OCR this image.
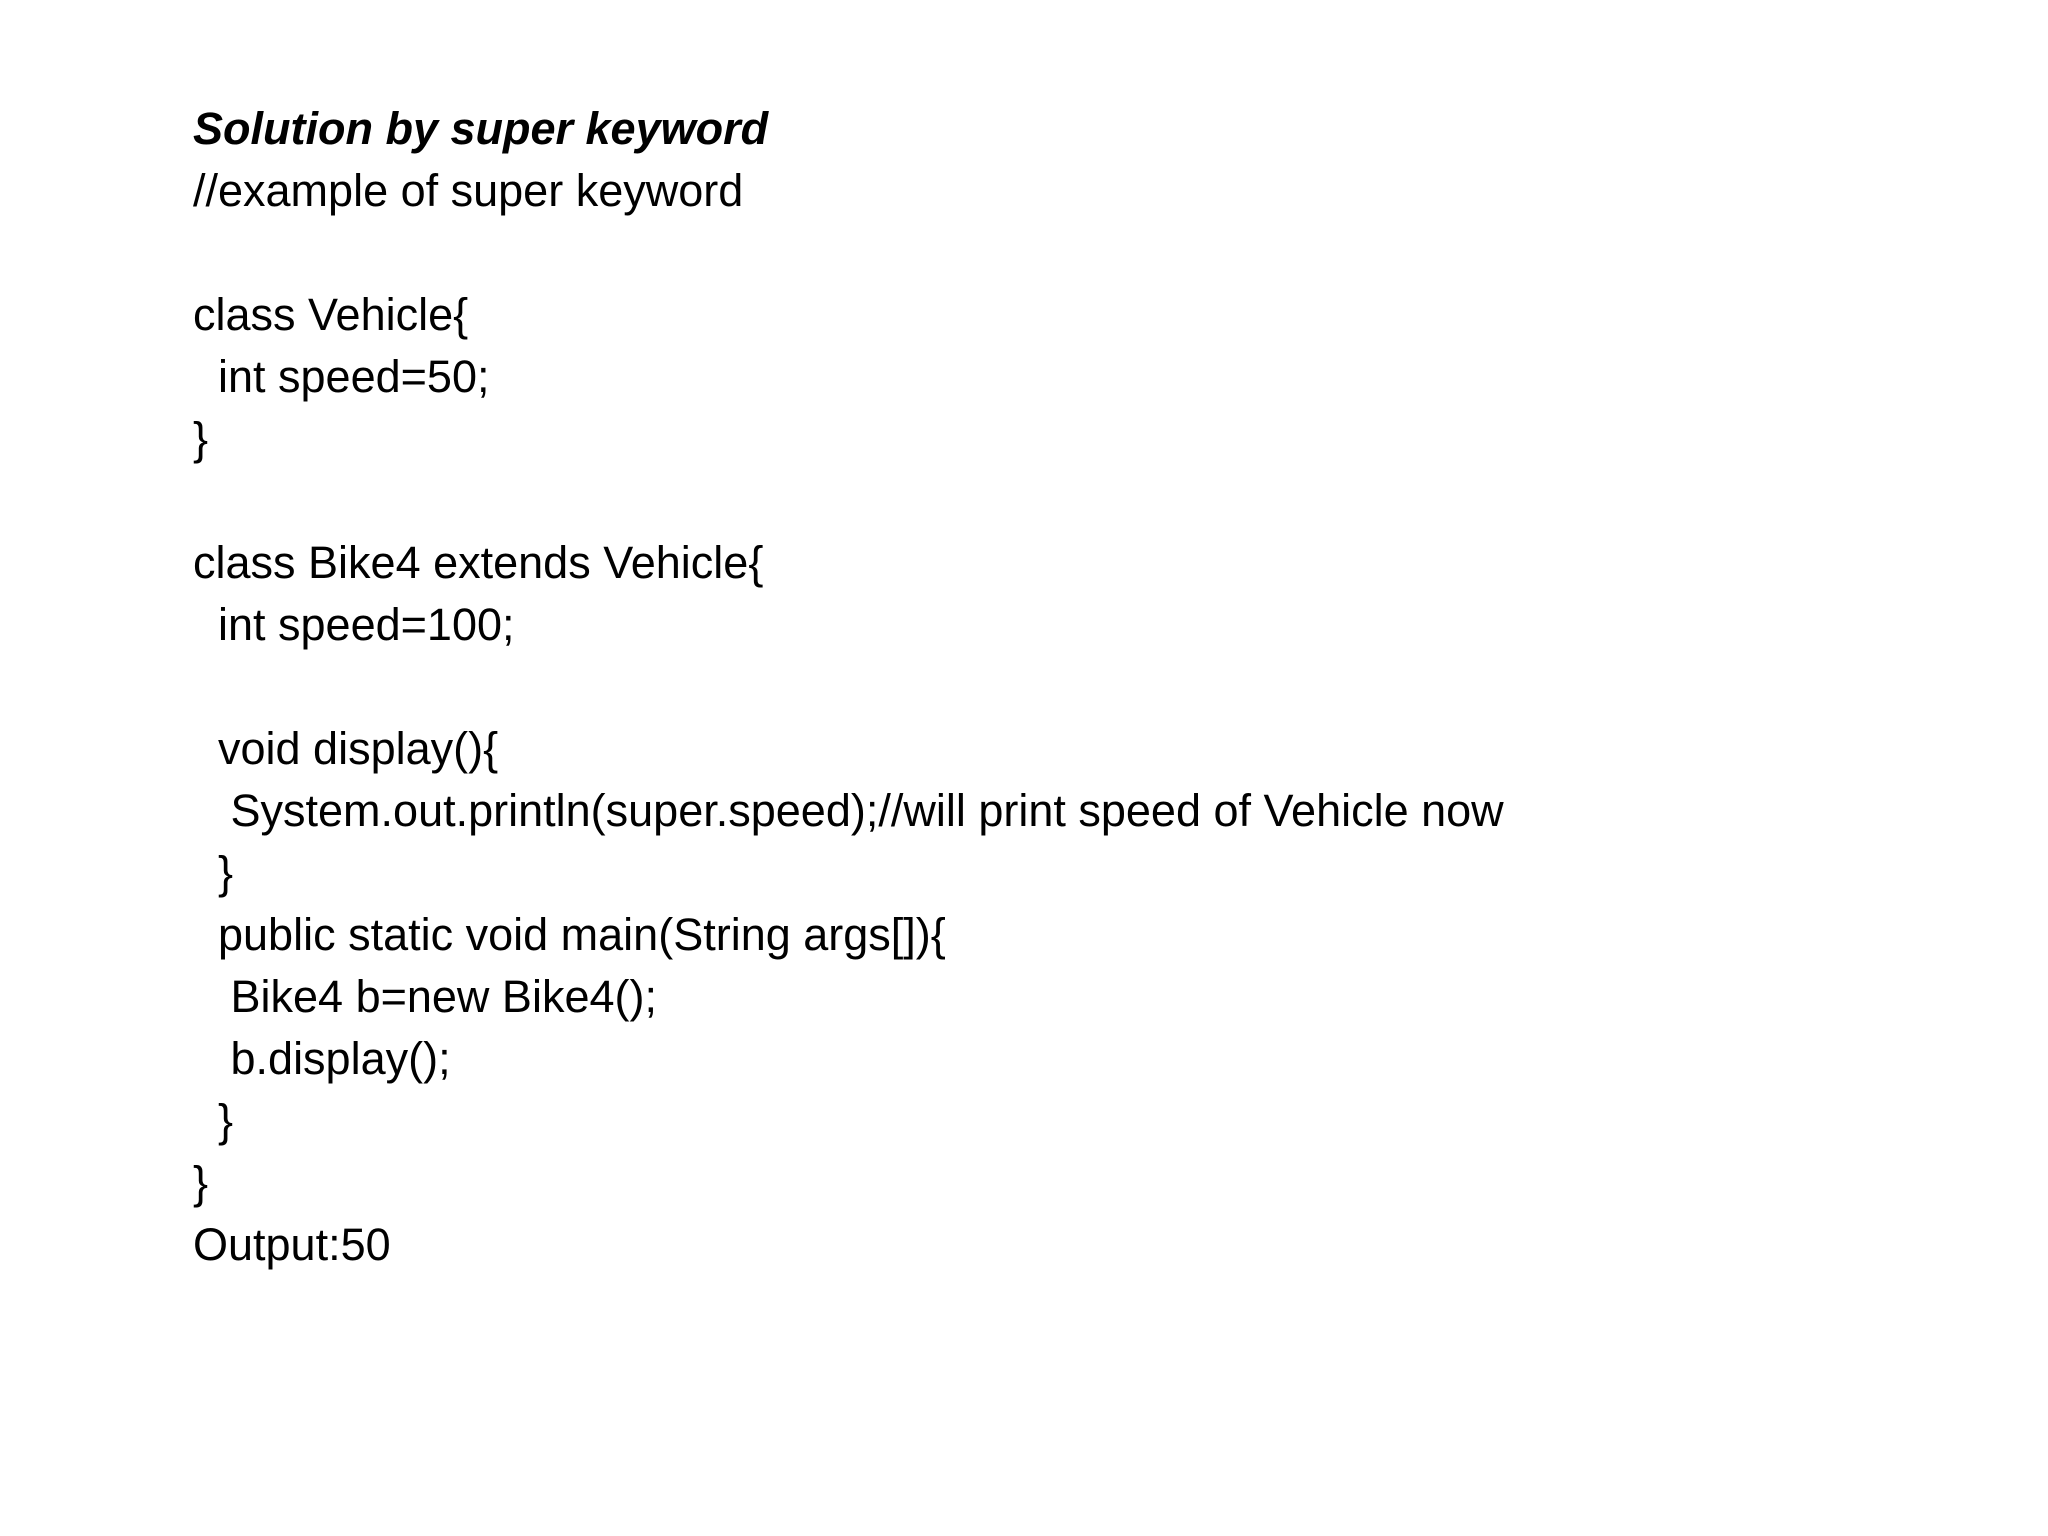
Solution by super keyword
//example of super keyword
class Vehicle{
int speed=50;
}
class Bike4 extends Vehicle{
int speed=100;
void display(){
System.out.println(super.speed);//will print speed of Vehicle now
}
public static void main(String args[]){
Bike4 b=new Bike4();
b.display();
}
}
Output:50
